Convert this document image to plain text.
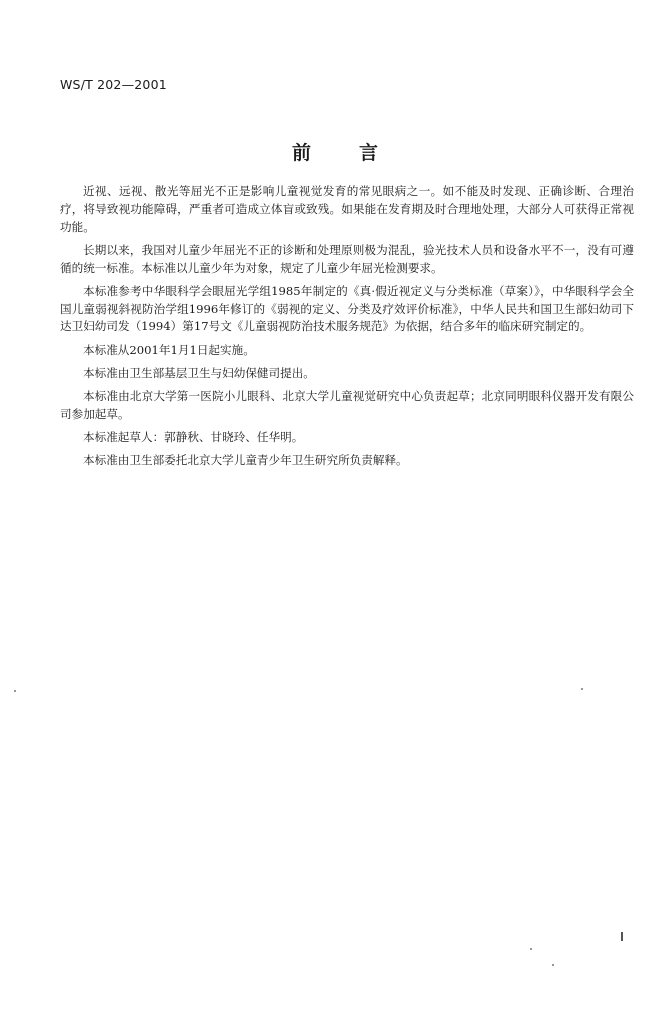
WS/T 202—2001
前言

近视、远视、散光等屈光不正是影响儿童视觉发育的常见眼病之一。如不能及时发现、正确诊断、合理治疗，将导致视功能障碍，严重者可造成立体盲或致残。如果能在发育期及时合理地处理，大部分人可获得正常视功能。

长期以来，我国对儿童少年屈光不正的诊断和处理原则极为混乱，验光技术人员和设备水平不一，没有可遵循的统一标准。本标准以儿童少年为对象，规定了儿童少年屈光检测要求。

本标准参考中华眼科学会眼屈光学组1985年制定的《真·假近视定义与分类标准（草案）》，中华眼科学会全国儿童弱视斜视防治学组1996年修订的《弱视的定义、分类及疗效评价标准》，中华人民共和国卫生部妇幼司下达卫妇幼司发（1994）第17号文《儿童弱视防治技术服务规范》为依据，结合多年的临床研究制定的。

本标准从2001年1月1日起实施。

本标准由卫生部基层卫生与妇幼保健司提出。

本标准由北京大学第一医院小儿眼科、北京大学儿童视觉研究中心负责起草；北京同明眼科仪器开发有限公司参加起草。

本标准起草人：郭静秋、甘晓玲、任华明。

本标准由卫生部委托北京大学儿童青少年卫生研究所负责解释。
